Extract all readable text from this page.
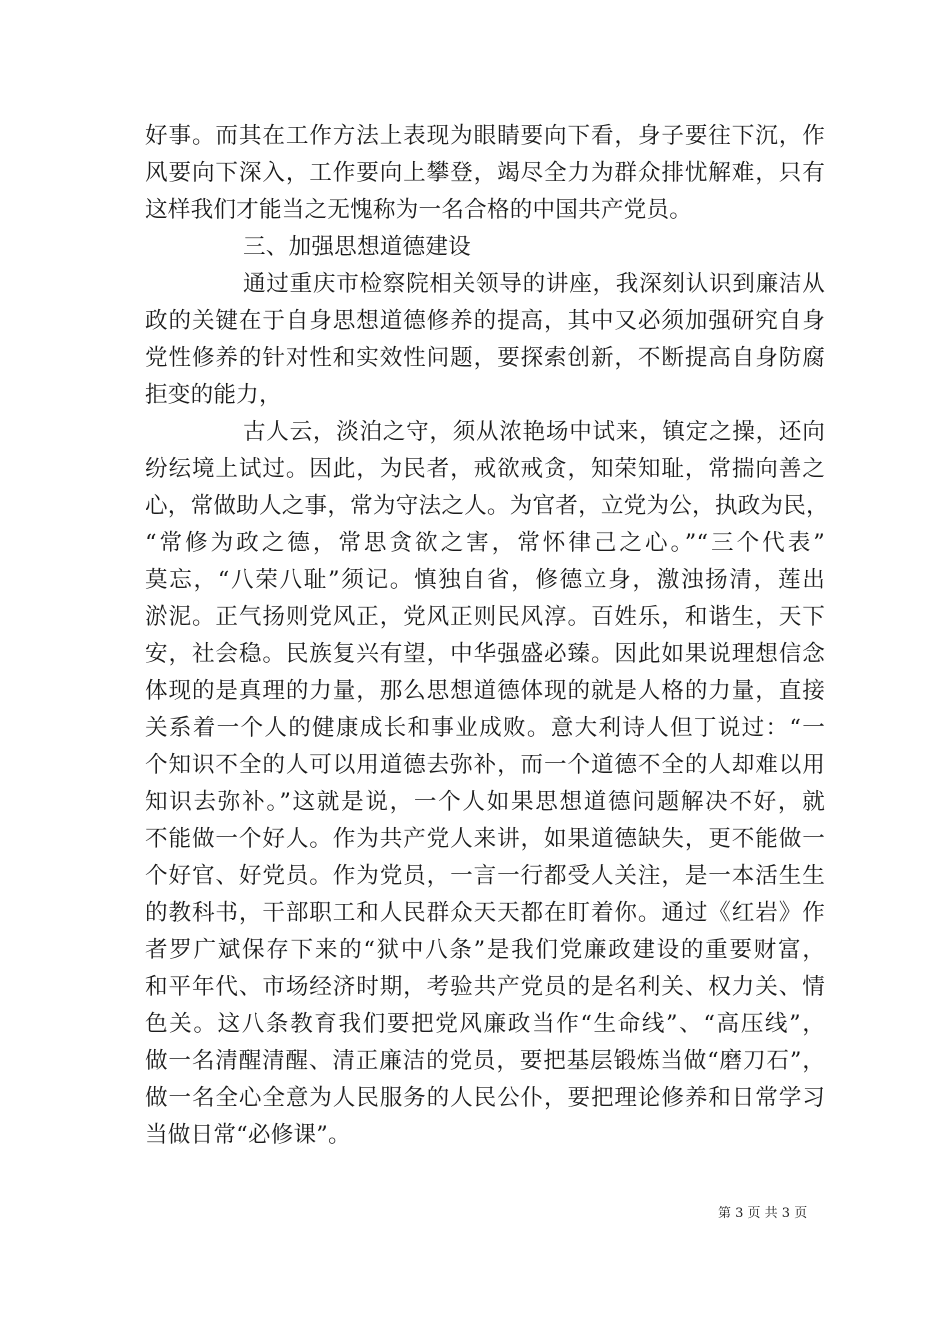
好事。而其在工作方法上表现为眼睛要向下看，身子要往下沉，作
风要向下深入，工作要向上攀登，竭尽全力为群众排忧解难，只有
这样我们才能当之无愧称为一名合格的中国共产党员。
三、加强思想道德建设
通过重庆市检察院相关领导的讲座，我深刻认识到廉洁从
政的关键在于自身思想道德修养的提高，其中又必须加强研究自身
党性修养的针对性和实效性问题，要探索创新，不断提高自身防腐
拒变的能力，
古人云，淡泊之守，须从浓艳场中试来，镇定之操，还向
纷纭境上试过。因此，为民者，戒欲戒贪，知荣知耻，常揣向善之
心，常做助人之事，常为守法之人。为官者，立党为公，执政为民，
“常修为政之德，常思贪欲之害，常怀律己之心。”“三个代表”
莫忘，“八荣八耻”须记。慎独自省，修德立身，激浊扬清，莲出
淤泥。正气扬则党风正，党风正则民风淳。百姓乐，和谐生，天下
安，社会稳。民族复兴有望，中华强盛必臻。因此如果说理想信念
体现的是真理的力量，那么思想道德体现的就是人格的力量，直接
关系着一个人的健康成长和事业成败。意大利诗人但丁说过：“一
个知识不全的人可以用道德去弥补，而一个道德不全的人却难以用
知识去弥补。”这就是说，一个人如果思想道德问题解决不好，就
不能做一个好人。作为共产党人来讲，如果道德缺失，更不能做一
个好官、好党员。作为党员，一言一行都受人关注，是一本活生生
的教科书，干部职工和人民群众天天都在盯着你。通过《红岩》作
者罗广斌保存下来的“狱中八条”是我们党廉政建设的重要财富，
和平年代、市场经济时期，考验共产党员的是名利关、权力关、情
色关。这八条教育我们要把党风廉政当作“生命线”、“高压线”，
做一名清醒清醒、清正廉洁的党员，要把基层锻炼当做“磨刀石”，
做一名全心全意为人民服务的人民公仆，要把理论修养和日常学习
当做日常“必修课”。
第 3 页 共 3 页
